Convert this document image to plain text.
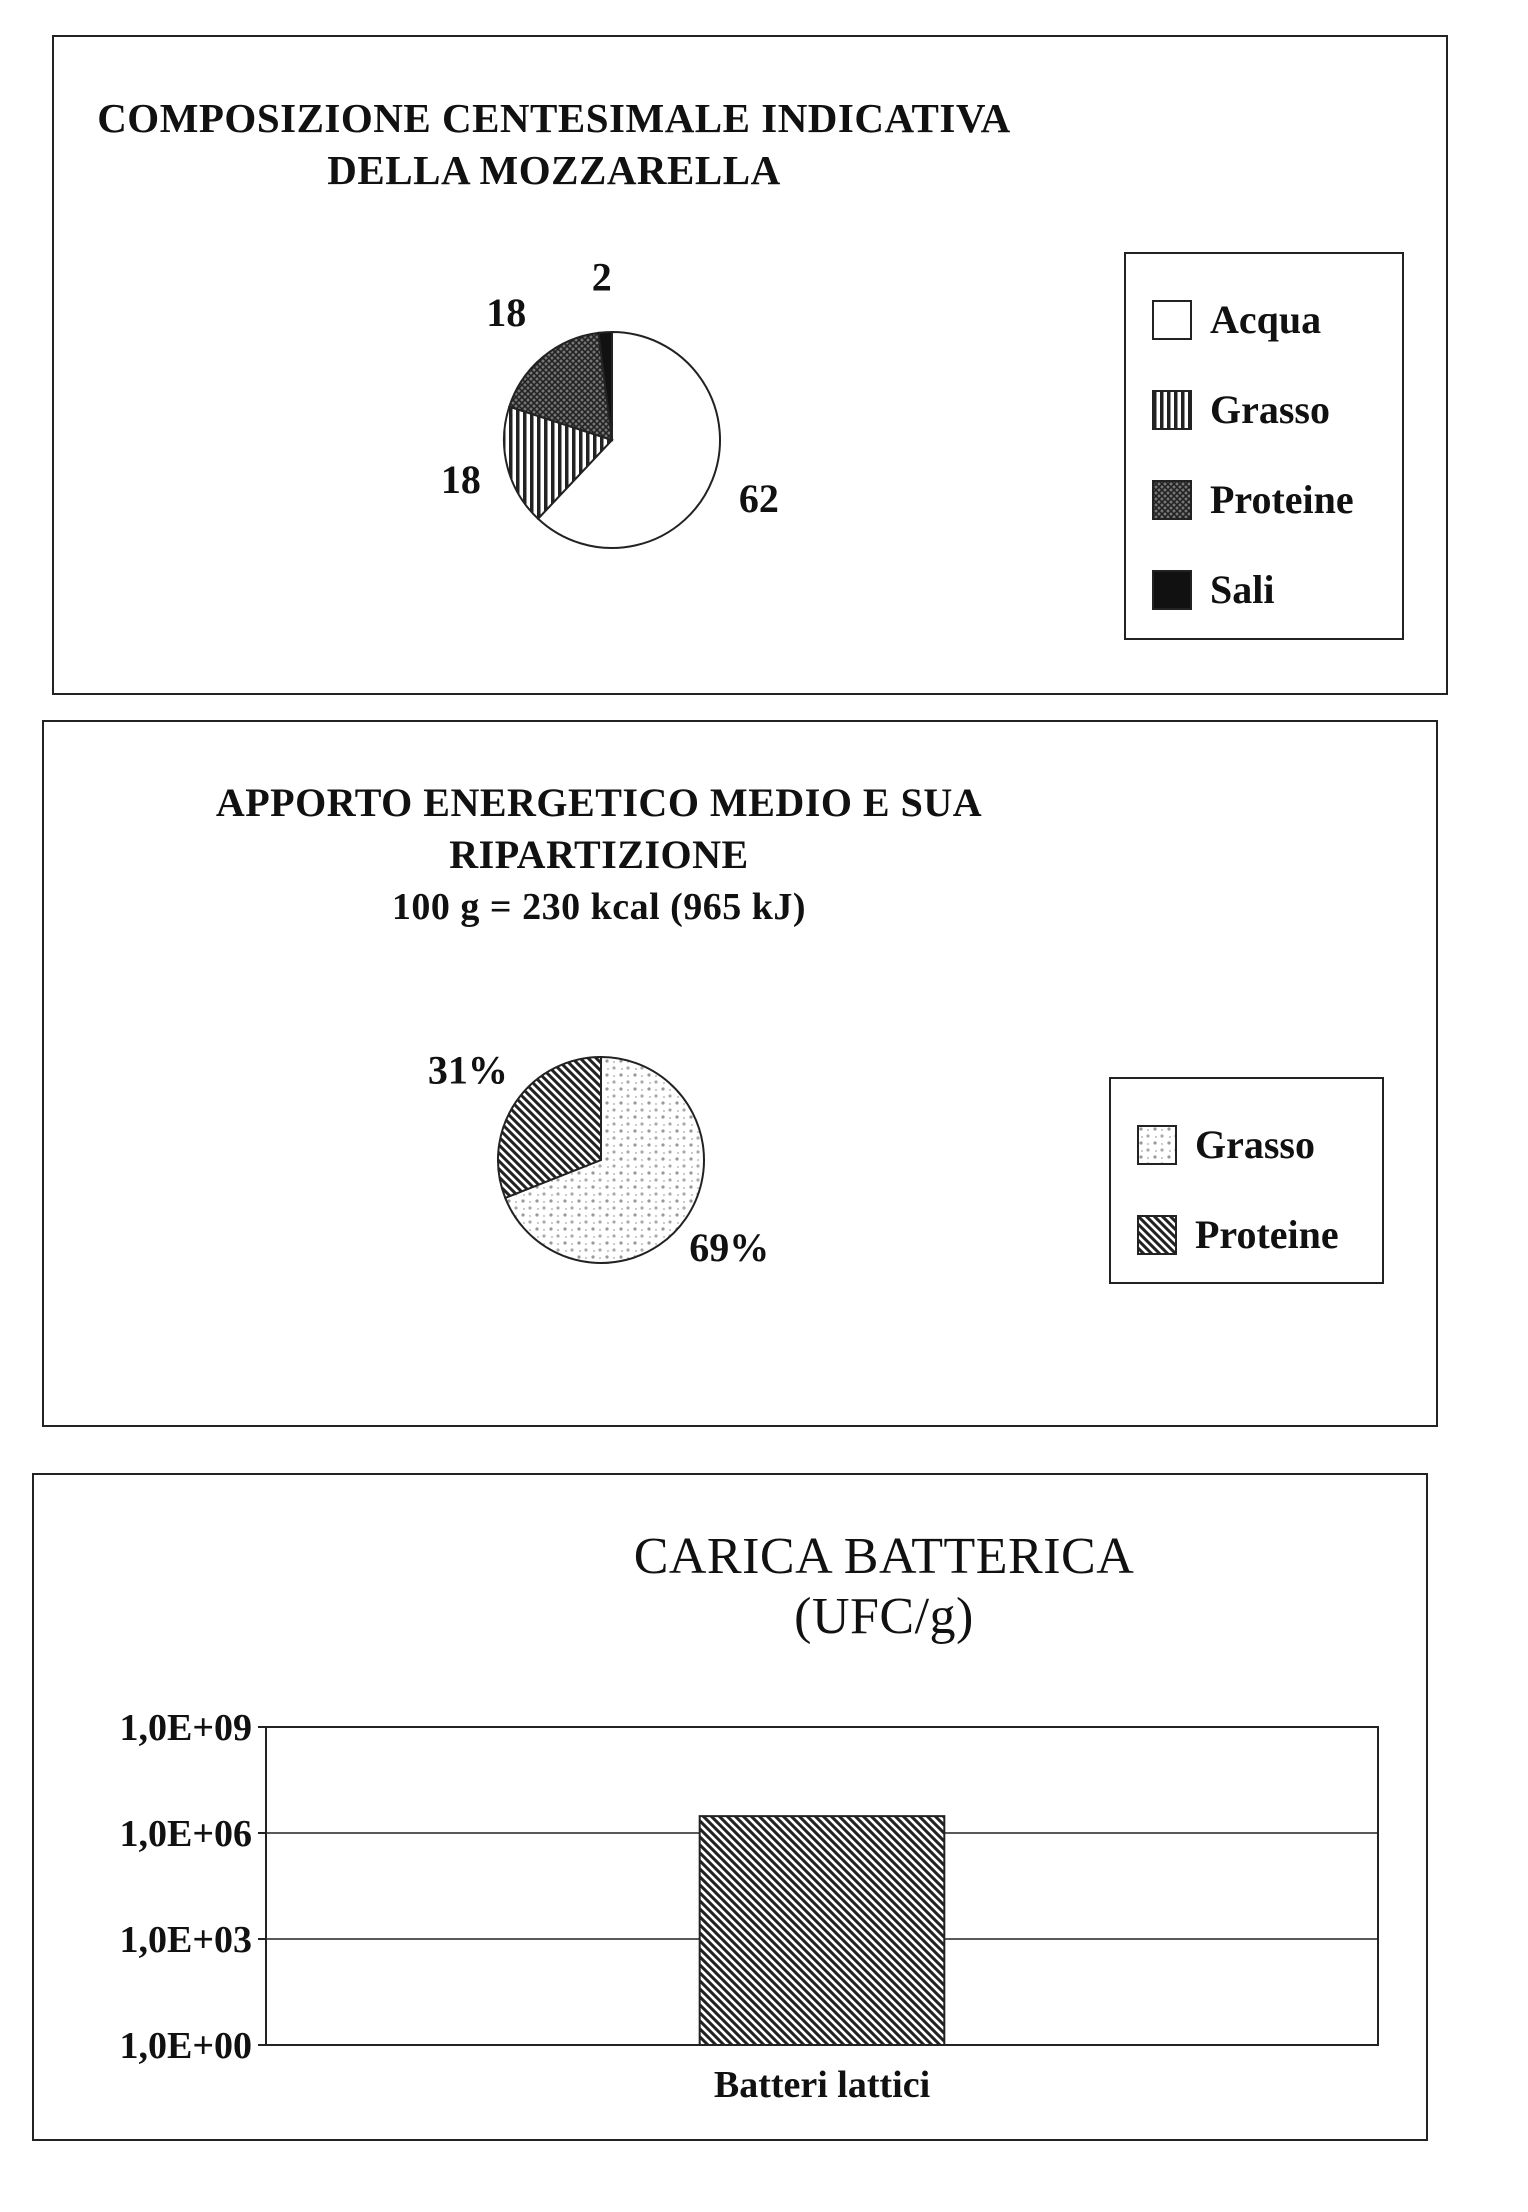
COMPOSIZIONE CENTESIMALE INDICATIVA
DELLA MOZZARELLA
62
18
18
2
Acqua
Grasso
Proteine
Sali
APPORTO ENERGETICO MEDIO E SUA
RIPARTIZIONE
100 g = 230 kcal (965 kJ)
69%
31%
Grasso
Proteine
CARICA BATTERICA
(UFC/g)
1,0E+00
1,0E+03
1,0E+06
1,0E+09
Batteri lattici
